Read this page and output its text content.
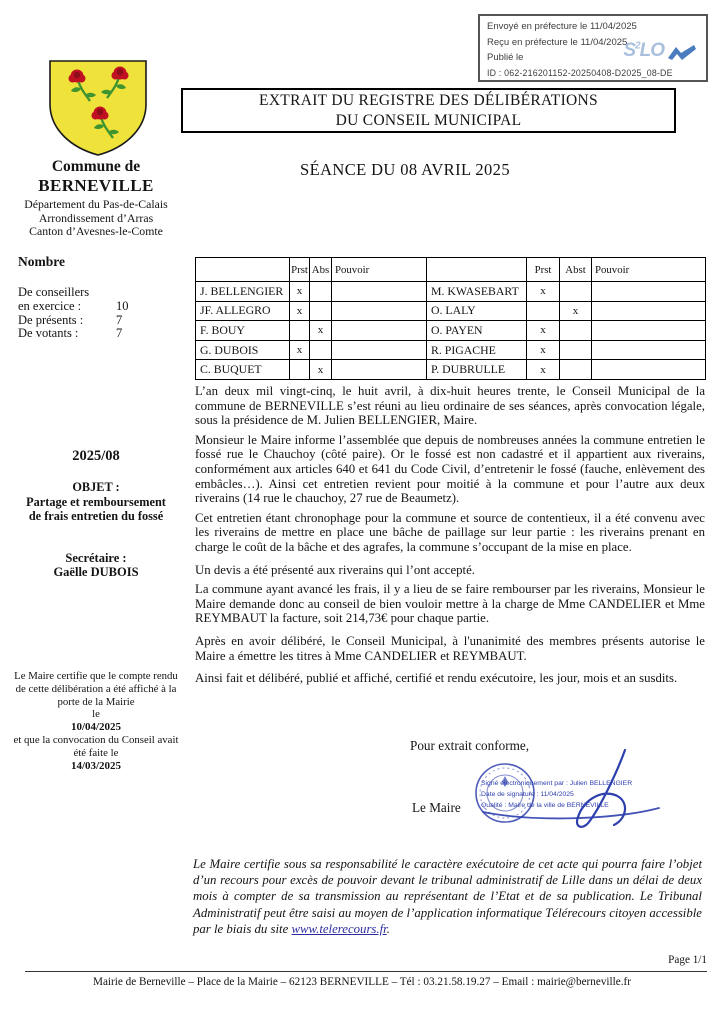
Envoyé en préfecture le 11/04/2025
Reçu en préfecture le 11/04/2025
Publié le
ID : 062-216201152-20250408-D2025_08-DE
$S^2LO$
Commune de
BERNEVILLE
Département du Pas-de-Calais
Arrondissement d’Arras
Canton d’Avesnes-le-Comte
EXTRAIT DU REGISTRE DES DÉLIBÉRATIONS
DU CONSEIL MUNICIPAL
SÉANCE DU 08 AVRIL 2025
Nombre
De conseillers
en exercice :	10
De présents :	7
De votants :	7
2025/08
OBJET :
Partage et remboursement
de frais entretien du fossé
Secrétaire :
Gaëlle DUBOIS
Le Maire certifie que le compte rendu de cette délibération a été affiché à la porte de la Mairie
le
10/04/2025
et que la convocation du Conseil avait été faite le
14/03/2025
	Prst	Abs	Pouvoir		Prst	Abst	Pouvoir
J. BELLENGIER	x			M. KWASEBART	x		
JF. ALLEGRO	x			O. LALY		x	
F. BOUY		x		O. PAYEN	x		
G. DUBOIS	x			R. PIGACHE	x		
C. BUQUET		x		P. DUBRULLE	x		

L’an deux mil vingt-cinq, le huit avril, à dix-huit heures trente, le Conseil Municipal de la commune de BERNEVILLE s’est réuni au lieu ordinaire de ses séances, après convocation légale, sous la présidence de M. Julien BELLENGIER, Maire.

Monsieur le Maire informe l’assemblée que depuis de nombreuses années la commune entretien le fossé rue le Chauchoy (côté paire). Or le fossé est non cadastré et il appartient aux riverains, conformément aux articles 640 et 641 du Code Civil, d’entretenir le fossé (fauche, enlèvement des embâcles…). Ainsi cet entretien revient pour moitié à la commune et pour l’autre aux deux riverains (14 rue le chauchoy, 27 rue de Beaumetz).

Cet entretien étant chronophage pour la commune et source de contentieux, il a été convenu avec les riverains de mettre en place une bâche de paillage sur leur partie : les riverains prenant en charge le coût de la bâche et des agrafes, la commune s’occupant de la mise en place.

Un devis a été présenté aux riverains qui l’ont accepté.

La commune ayant avancé les frais, il y a lieu de se faire rembourser par les riverains, Monsieur le Maire demande donc au conseil de bien vouloir mettre à la charge de Mme CANDELIER et Mme REYMBAUT la facture, soit 214,73€ pour chaque partie.

Après en avoir délibéré, le Conseil Municipal, à l'unanimité des membres présents autorise le Maire a émettre les titres à Mme CANDELIER et REYMBAUT.

Ainsi fait et délibéré, publié et affiché, certifié et rendu exécutoire, les jour, mois et an susdits.

Pour extrait conforme,
Le Maire
Signé électroniquement par : Julien BELLENGIER
Date de signature : 11/04/2025
Qualité : Maire de la ville de BERNEVILLE
Le Maire certifie sous sa responsabilité le caractère exécutoire de cet acte qui pourra faire l’objet d’un recours pour excès de pouvoir devant le tribunal administratif de Lille dans un délai de deux mois à compter de sa transmission au représentant de l’Etat et de sa publication. Le Tribunal Administratif peut être saisi au moyen de l’application informatique Télérecours citoyen accessible par le biais du site www.telerecours.fr.
Page 1/1
Mairie de Berneville – Place de la Mairie – 62123 BERNEVILLE – Tél : 03.21.58.19.27 – Email : mairie@berneville.fr
